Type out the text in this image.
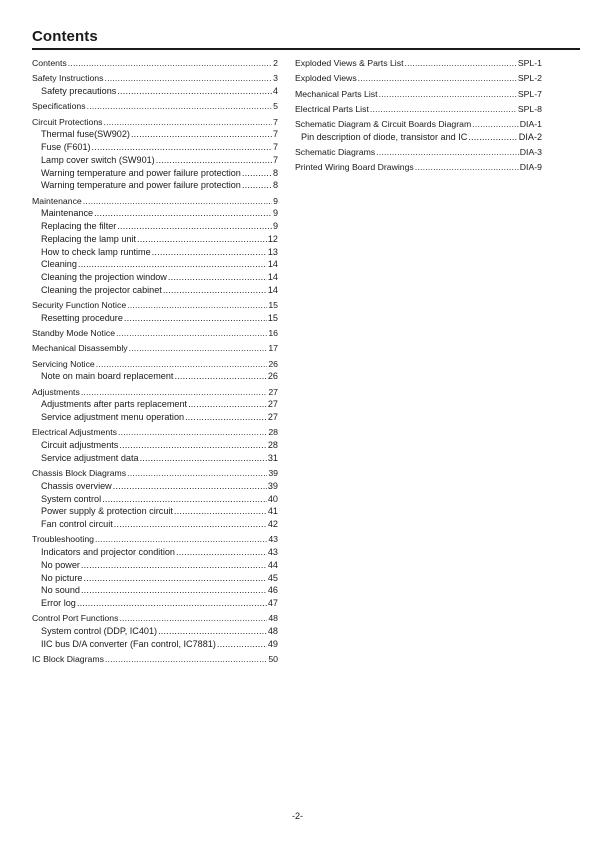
Contents
Contents .....	2
Safety Instructions .....	3
Safety precautions .....	4
Specifications .....	5
Circuit Protections .....	7
Thermal fuse(SW902) .....	7
Fuse (F601) .....	7
Lamp cover switch (SW901) .....	7
Warning temperature and power failure protection .....	8
Warning temperature and power failure protection .....	8
Maintenance .....	9
Maintenance .....	9
Replacing the filter .....	9
Replacing the lamp unit .....	12
How to check lamp runtime .....	13
Cleaning .....	14
Cleaning the projection window .....	14
Cleaning the projector cabinet .....	14
Security Function Notice .....	15
Resetting procedure .....	15
Standby Mode Notice .....	16
Mechanical Disassembly .....	17
Servicing Notice .....	26
Note on main board replacement .....	26
Adjustments .....	27
Adjustments after parts replacement .....	27
Service adjustment menu operation .....	27
Electrical Adjustments .....	28
Circuit adjustments .....	28
Service adjustment data .....	31
Chassis Block Diagrams .....	39
Chassis overview .....	39
System control .....	40
Power supply & protection circuit .....	41
Fan control circuit .....	42
Troubleshooting .....	43
Indicators and projector condition .....	43
No power .....	44
No picture .....	45
No sound .....	46
Error log .....	47
Control Port Functions .....	48
System control (DDP, IC401) .....	48
IIC bus D/A converter (Fan control, IC7881) .....	49
IC Block Diagrams .....	50
Exploded Views & Parts List .....	SPL-1
Exploded Views .....	SPL-2
Mechanical Parts List .....	SPL-7
Electrical Parts List .....	SPL-8
Schematic Diagram & Circuit Boards Diagram .....	DIA-1
Pin description of diode, transistor and IC .....	DIA-2
Schematic Diagrams .....	DIA-3
Printed Wiring Board Drawings .....	DIA-9
-2-
